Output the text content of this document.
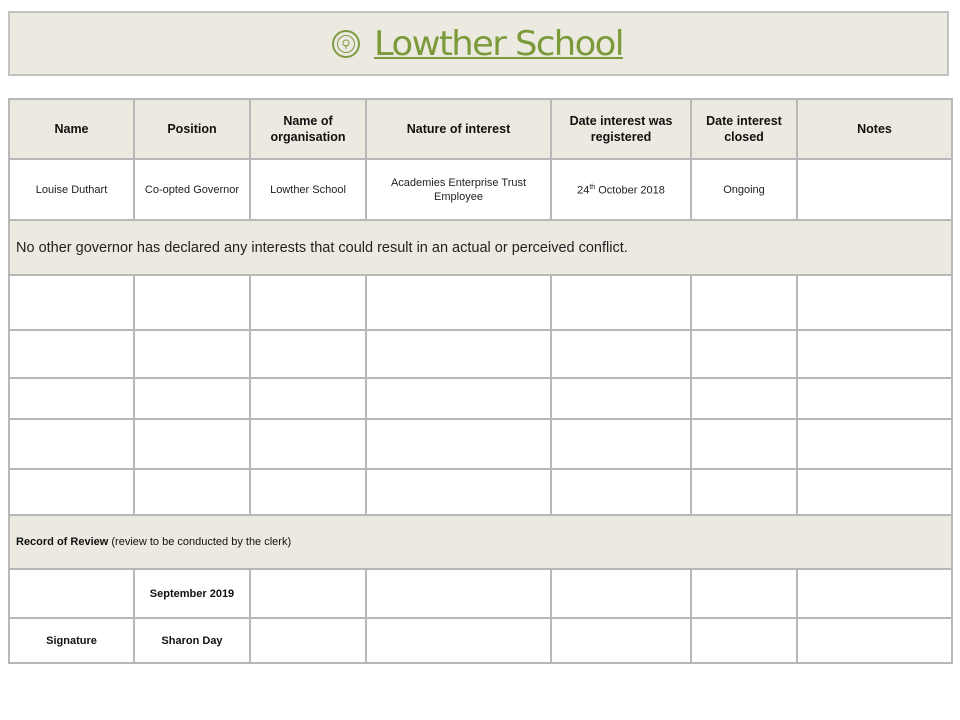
Lowther School
Name	Position	Name of organisation	Nature of interest	Date interest was registered	Date interest closed	Notes
Louise Duthart	Co-opted Governor	Lowther School	Academies Enterprise Trust Employee	24th October 2018	Ongoing	
No other governor has declared any interests that could result in an actual or perceived conflict.						

Record of Review (review to be conducted by the clerk)						
	September 2019					
Signature	Sharon Day					
